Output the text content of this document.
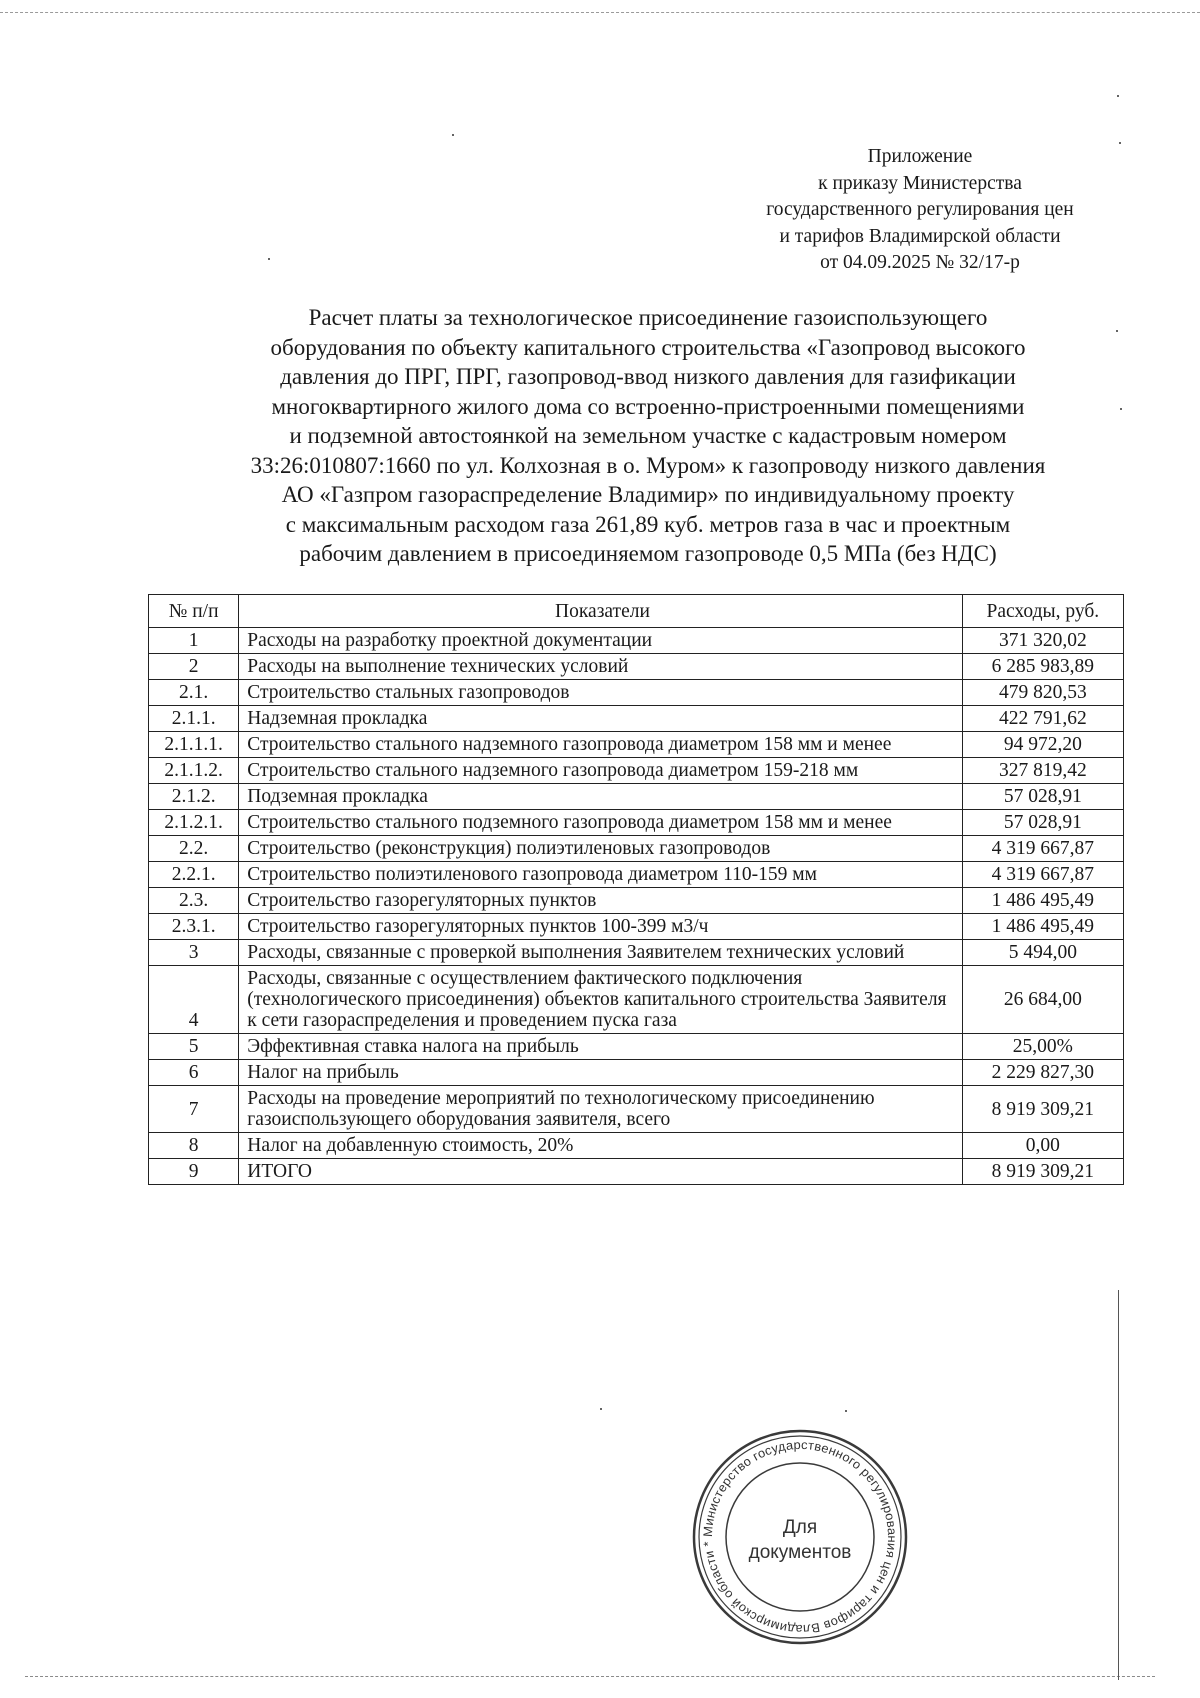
Приложение
к приказу Министерства
государственного регулирования цен
и тарифов Владимирской области
от 04.09.2025 № 32/17-р
Расчет платы за технологическое присоединение газоиспользующего
оборудования по объекту капитального строительства «Газопровод высокого
давления до ПРГ, ПРГ, газопровод-ввод низкого давления для газификации
многоквартирного жилого дома со встроенно-пристроенными помещениями
и подземной автостоянкой на земельном участке с кадастровым номером
33:26:010807:1660 по ул. Колхозная в о. Муром» к газопроводу низкого давления
АО «Газпром газораспределение Владимир» по индивидуальному проекту
с максимальным расходом газа 261,89 куб. метров газа в час и проектным
рабочим давлением в присоединяемом газопроводе 0,5 МПа (без НДС)
№ п/п	Показатели	Расходы, руб.
1	Расходы на разработку проектной документации	371 320,02
2	Расходы на выполнение технических условий	6 285 983,89
2.1.	Строительство стальных газопроводов	479 820,53
2.1.1.	Надземная прокладка	422 791,62
2.1.1.1.	Строительство стального надземного газопровода диаметром 158 мм и менее	94 972,20
2.1.1.2.	Строительство стального надземного газопровода диаметром 159-218 мм	327 819,42
2.1.2.	Подземная прокладка	57 028,91
2.1.2.1.	Строительство стального подземного газопровода диаметром 158 мм и менее	57 028,91
2.2.	Строительство (реконструкция) полиэтиленовых газопроводов	4 319 667,87
2.2.1.	Строительство полиэтиленового газопровода диаметром 110-159 мм	4 319 667,87
2.3.	Строительство газорегуляторных пунктов	1 486 495,49
2.3.1.	Строительство газорегуляторных пунктов 100-399 м3/ч	1 486 495,49
3	Расходы, связанные с проверкой выполнения Заявителем технических условий	5 494,00
4	Расходы, связанные с осуществлением фактического подключения (технологического присоединения) объектов капитального строительства Заявителя к сети газораспределения и проведением пуска газа	26 684,00
5	Эффективная ставка налога на прибыль	25,00%
6	Налог на прибыль	2 229 827,30
7	Расходы на проведение мероприятий по технологическому присоединению газоиспользующего оборудования заявителя, всего	8 919 309,21
8	Налог на добавленную стоимость, 20%	0,00
9	ИТОГО	8 919 309,21
Министерство государственного регулирования цен и тарифов Владимирской области *
Для
документов
